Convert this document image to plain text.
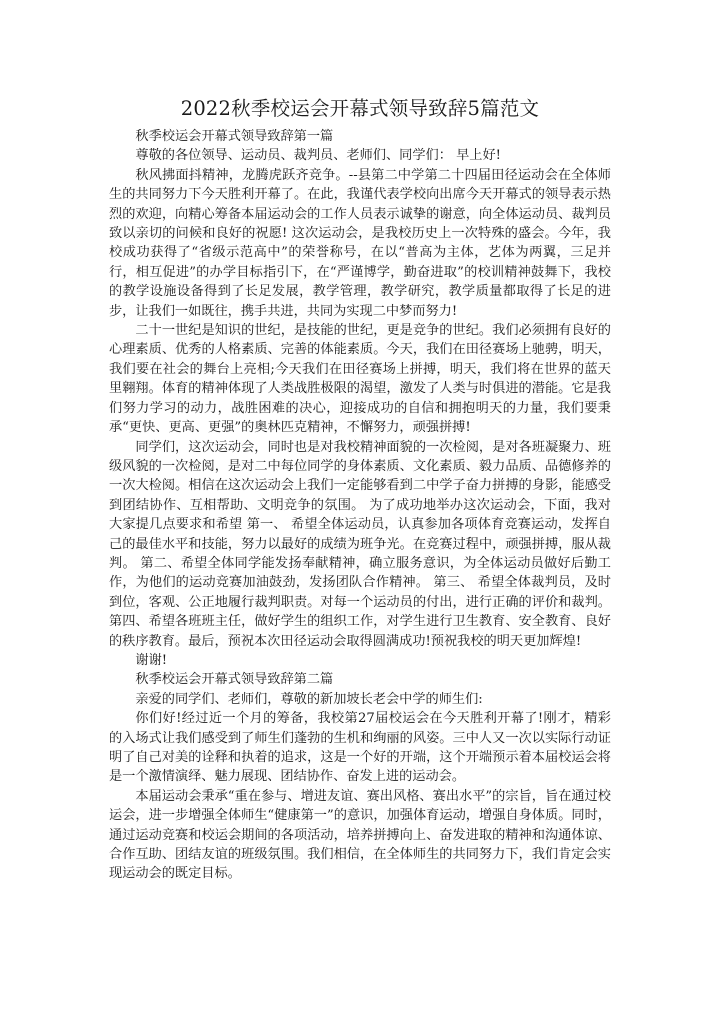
2022秋季校运会开幕式领导致辞5篇范文

秋季校运会开幕式领导致辞第一篇

尊敬的各位领导、运动员、裁判员、老师们、同学们： 早上好!

秋风拂面抖精神，龙腾虎跃齐竞争。--县第二中学第二十四届田径运动会在全体师生的共同努力下今天胜利开幕了。在此，我谨代表学校向出席今天开幕式的领导表示热烈的欢迎，向精心筹备本届运动会的工作人员表示诚挚的谢意，向全体运动员、裁判员致以亲切的问候和良好的祝愿! 这次运动会，是我校历史上一次特殊的盛会。今年，我校成功获得了“省级示范高中”的荣誉称号，在以“普高为主体，艺体为两翼，三足并行，相互促进”的办学目标指引下，在“严谨博学，勤奋进取”的校训精神鼓舞下，我校的教学设施设备得到了长足发展，教学管理，教学研究，教学质量都取得了长足的进步，让我们一如既往，携手共进，共同为实现二中梦而努力!

二十一世纪是知识的世纪，是技能的世纪，更是竞争的世纪。我们必须拥有良好的心理素质、优秀的人格素质、完善的体能素质。今天，我们在田径赛场上驰骋，明天，我们要在社会的舞台上亮相;今天我们在田径赛场上拼搏，明天，我们将在世界的蓝天里翱翔。体育的精神体现了人类战胜极限的渴望，激发了人类与时俱进的潜能。它是我们努力学习的动力，战胜困难的决心，迎接成功的自信和拥抱明天的力量，我们要秉承“更快、更高、更强”的奥林匹克精神，不懈努力，顽强拼搏!

同学们，这次运动会，同时也是对我校精神面貌的一次检阅，是对各班凝聚力、班级风貌的一次检阅，是对二中每位同学的身体素质、文化素质、毅力品质、品德修养的一次大检阅。相信在这次运动会上我们一定能够看到二中学子奋力拼搏的身影，能感受到团结协作、互相帮助、文明竞争的氛围。 为了成功地举办这次运动会，下面，我对大家提几点要求和希望 第一、 希望全体运动员，认真参加各项体育竞赛运动，发挥自己的最佳水平和技能，努力以最好的成绩为班争光。在竞赛过程中，顽强拼搏，服从裁判。 第二、希望全体同学能发扬奉献精神，确立服务意识，为全体运动员做好后勤工作，为他们的运动竞赛加油鼓劲，发扬团队合作精神。 第三、 希望全体裁判员，及时到位，客观、公正地履行裁判职责。对每一个运动员的付出，进行正确的评价和裁判。第四、希望各班班主任，做好学生的组织工作，对学生进行卫生教育、安全教育、良好的秩序教育。最后，预祝本次田径运动会取得圆满成功!预祝我校的明天更加辉煌!

谢谢!

秋季校运会开幕式领导致辞第二篇

亲爱的同学们、老师们，尊敬的新加坡长老会中学的师生们:

你们好!经过近一个月的筹备，我校第27届校运会在今天胜利开幕了!刚才，精彩的入场式让我们感受到了师生们蓬勃的生机和绚丽的风姿。三中人又一次以实际行动证明了自己对美的诠释和执着的追求，这是一个好的开端，这个开端预示着本届校运会将是一个激情演绎、魅力展现、团结协作、奋发上进的运动会。

本届运动会秉承“重在参与、增进友谊、赛出风格、赛出水平”的宗旨，旨在通过校运会，进一步增强全体师生“健康第一”的意识，加强体育运动，增强自身体质。同时，通过运动竞赛和校运会期间的各项活动，培养拼搏向上、奋发进取的精神和沟通体谅、合作互助、团结友谊的班级氛围。我们相信，在全体师生的共同努力下，我们肯定会实现运动会的既定目标。
